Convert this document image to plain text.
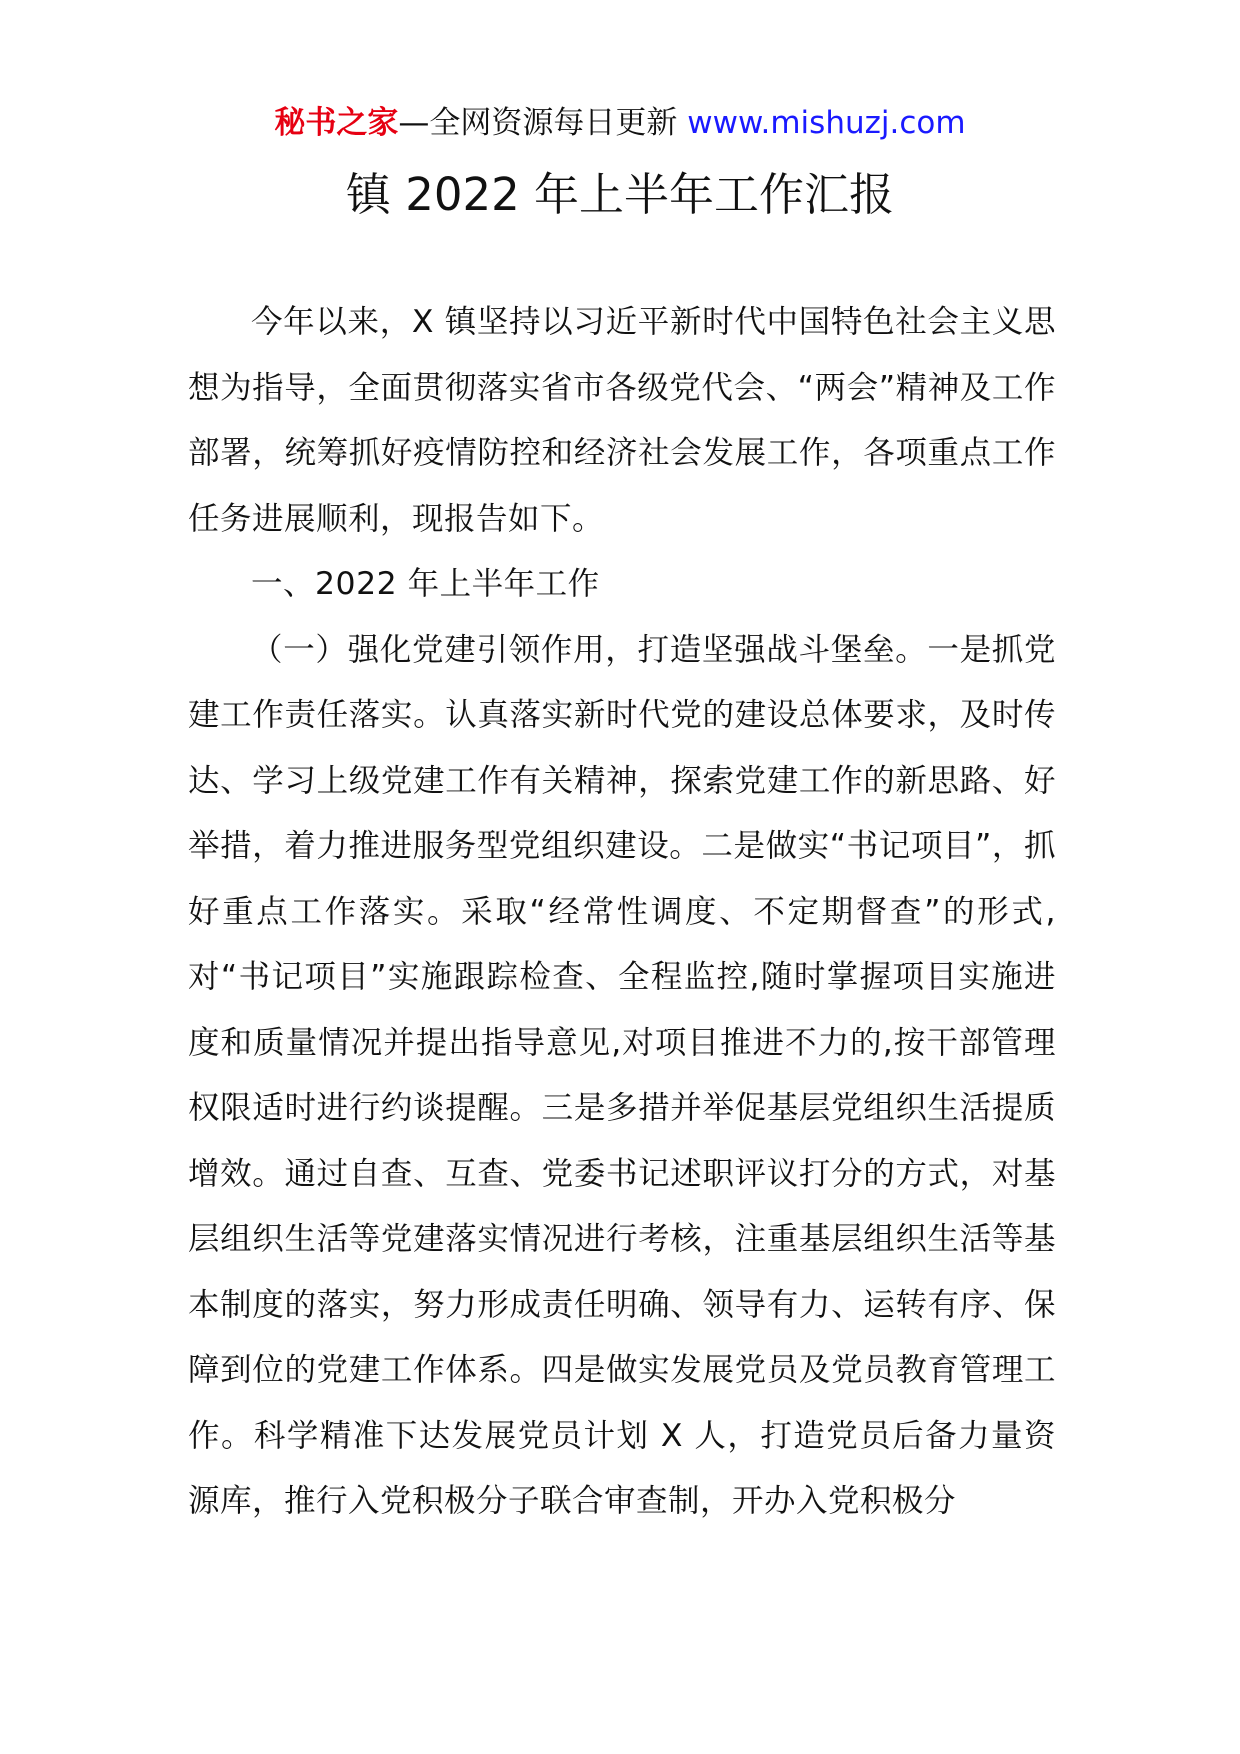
秘书之家—全网资源每日更新 www.mishuzj.com
镇 2022 年上半年工作汇报

今年以来，X 镇坚持以习近平新时代中国特色社会主义思想为指导，全面贯彻落实省市各级党代会、“两会”精神及工作部署，统筹抓好疫情防控和经济社会发展工作，各项重点工作任务进展顺利，现报告如下。

一、2022 年上半年工作

（一）强化党建引领作用，打造坚强战斗堡垒。一是抓党建工作责任落实。认真落实新时代党的建设总体要求，及时传达、学习上级党建工作有关精神，探索党建工作的新思路、好举措，着力推进服务型党组织建设。二是做实“书记项目”，抓好重点工作落实。采取“经常性调度、不定期督查”的形式,对“书记项目”实施跟踪检查、全程监控,随时掌握项目实施进度和质量情况并提出指导意见,对项目推进不力的,按干部管理权限适时进行约谈提醒。三是多措并举促基层党组织生活提质增效。通过自查、互查、党委书记述职评议打分的方式，对基层组织生活等党建落实情况进行考核，注重基层组织生活等基本制度的落实，努力形成责任明确、领导有力、运转有序、保障到位的党建工作体系。四是做实发展党员及党员教育管理工作。科学精准下达发展党员计划 X 人，打造党员后备力量资源库，推行入党积极分子联合审查制，开办入党积极分
